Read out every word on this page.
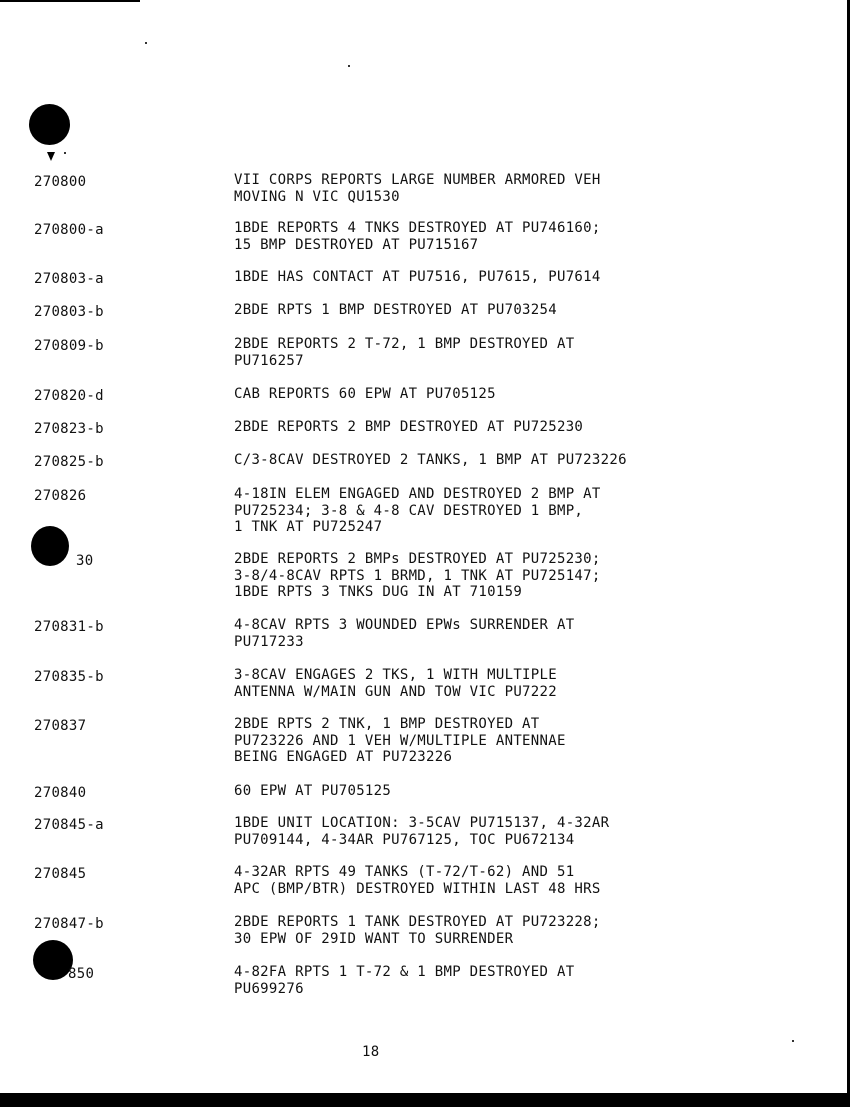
270800	VII CORPS REPORTS LARGE NUMBER ARMORED VEH
MOVING N VIC QU1530
270800-a	1BDE REPORTS 4 TNKS DESTROYED AT PU746160;
15 BMP DESTROYED AT PU715167
270803-a	1BDE HAS CONTACT AT PU7516, PU7615, PU7614
270803-b	2BDE RPTS 1 BMP DESTROYED AT PU703254
270809-b	2BDE REPORTS 2 T-72, 1 BMP DESTROYED AT
PU716257
270820-d	CAB REPORTS 60 EPW AT PU705125
270823-b	2BDE REPORTS 2 BMP DESTROYED AT PU725230
270825-b	C/3-8CAV DESTROYED 2 TANKS, 1 BMP AT PU723226
270826	4-18IN ELEM ENGAGED AND DESTROYED 2 BMP AT
PU725234; 3-8 & 4-8 CAV DESTROYED 1 BMP,
1 TNK AT PU725247
30	2BDE REPORTS 2 BMPs DESTROYED AT PU725230;
3-8/4-8CAV RPTS 1 BRMD, 1 TNK AT PU725147;
1BDE RPTS 3 TNKS DUG IN AT 710159
270831-b	4-8CAV RPTS 3 WOUNDED EPWs SURRENDER AT
PU717233
270835-b	3-8CAV ENGAGES 2 TKS, 1 WITH MULTIPLE
ANTENNA W/MAIN GUN AND TOW VIC PU7222
270837	2BDE RPTS 2 TNK, 1 BMP DESTROYED AT
PU723226 AND 1 VEH W/MULTIPLE ANTENNAE
BEING ENGAGED AT PU723226
270840	60 EPW AT PU705125
270845-a	1BDE UNIT LOCATION: 3-5CAV PU715137, 4-32AR
PU709144, 4-34AR PU767125, TOC PU672134
270845	4-32AR RPTS 49 TANKS (T-72/T-62) AND 51
APC (BMP/BTR) DESTROYED WITHIN LAST 48 HRS
270847-b	2BDE REPORTS 1 TANK DESTROYED AT PU723228;
30 EPW OF 29ID WANT TO SURRENDER
850	4-82FA RPTS 1 T-72 & 1 BMP DESTROYED AT
PU699276
18
